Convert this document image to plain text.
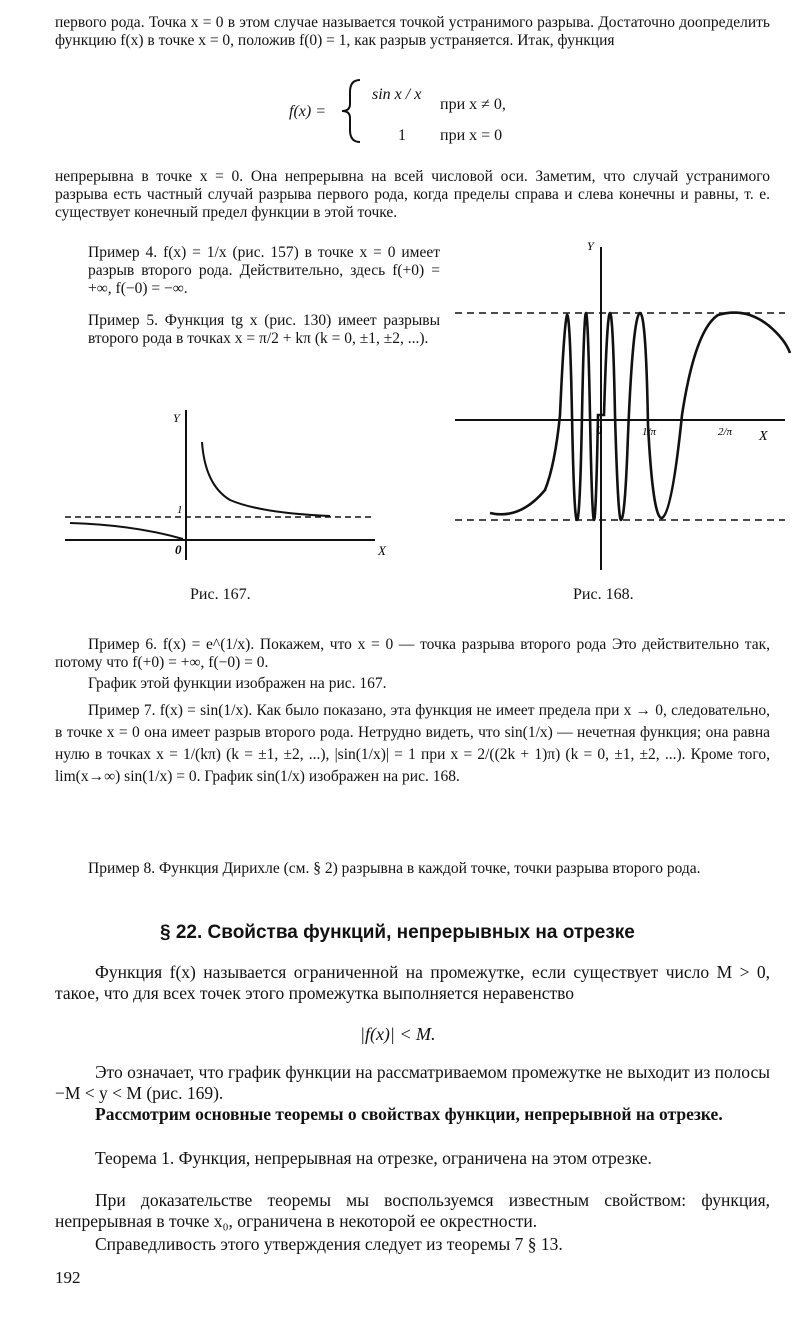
первого рода. Точка x = 0 в этом случае называется точкой устранимого разрыва. Достаточно доопределить функцию f(x) в точке x = 0, положив f(0) = 1, как разрыв устраняется. Итак, функция
f(x) =
sin x / x
при x ≠ 0,
1 при x = 0
непрерывна в точке x = 0. Она непрерывна на всей числовой оси. Заметим, что случай устранимого разрыва есть частный случай разрыва первого рода, когда пределы справа и слева конечны и равны, т. е. существует конечный предел функции в этой точке.
Пример 4. f(x) = 1/x (рис. 157) в точке x = 0 имеет разрыв второго рода. Действительно, здесь f(+0) = +∞, f(−0) = −∞.
Пример 5. Функция tg x (рис. 130) имеет разрывы второго рода в точках x = π/2 + kπ (k = 0, ±1, ±2, ...).
Y
X
0
1
Рис. 167.
Y
X
0	1/π	2/π
Рис. 168.
Пример 6. f(x) = e^(1/x). Покажем, что x = 0 — точка разрыва второго рода Это действительно так, потому что f(+0) = +∞, f(−0) = 0.
График этой функции изображен на рис. 167.
Пример 7. f(x) = sin(1/x). Как было показано, эта функция не имеет предела при x → 0, следовательно, в точке x = 0 она имеет разрыв второго рода. Нетрудно видеть, что sin(1/x) — нечетная функция; она равна нулю в точках x = 1/(kπ) (k = ±1, ±2, ...), |sin(1/x)| = 1 при x = 2/((2k + 1)π) (k = 0, ±1, ±2, ...). Кроме того, lim(x→∞) sin(1/x) = 0. График sin(1/x) изображен на рис. 168.
Пример 8. Функция Дирихле (см. § 2) разрывна в каждой точке, точки разрыва второго рода.
§ 22. Свойства функций, непрерывных на отрезке
Функция f(x) называется ограниченной на промежутке, если существует число M > 0, такое, что для всех точек этого промежутка выполняется неравенство
|f(x)| < M.
Это означает, что график функции на рассматриваемом промежутке не выходит из полосы −M < y < M (рис. 169).
Рассмотрим основные теоремы о свойствах функции, непрерывной на отрезке.
Теорема 1. Функция, непрерывная на отрезке, ограничена на этом отрезке.
При доказательстве теоремы мы воспользуемся известным свойством: функция, непрерывная в точке x₀, ограничена в некоторой ее окрестности.
Справедливость этого утверждения следует из теоремы 7 § 13.
192
